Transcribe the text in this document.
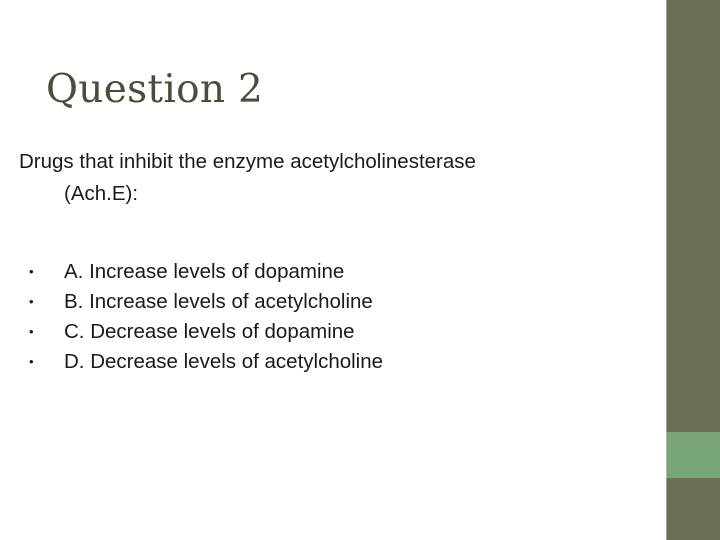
Question 2
Drugs that inhibit the enzyme acetylcholinesterase
(Ach.E):
• A. Increase levels of dopamine
• B. Increase levels of acetylcholine
• C. Decrease levels of dopamine
• D. Decrease levels of acetylcholine
